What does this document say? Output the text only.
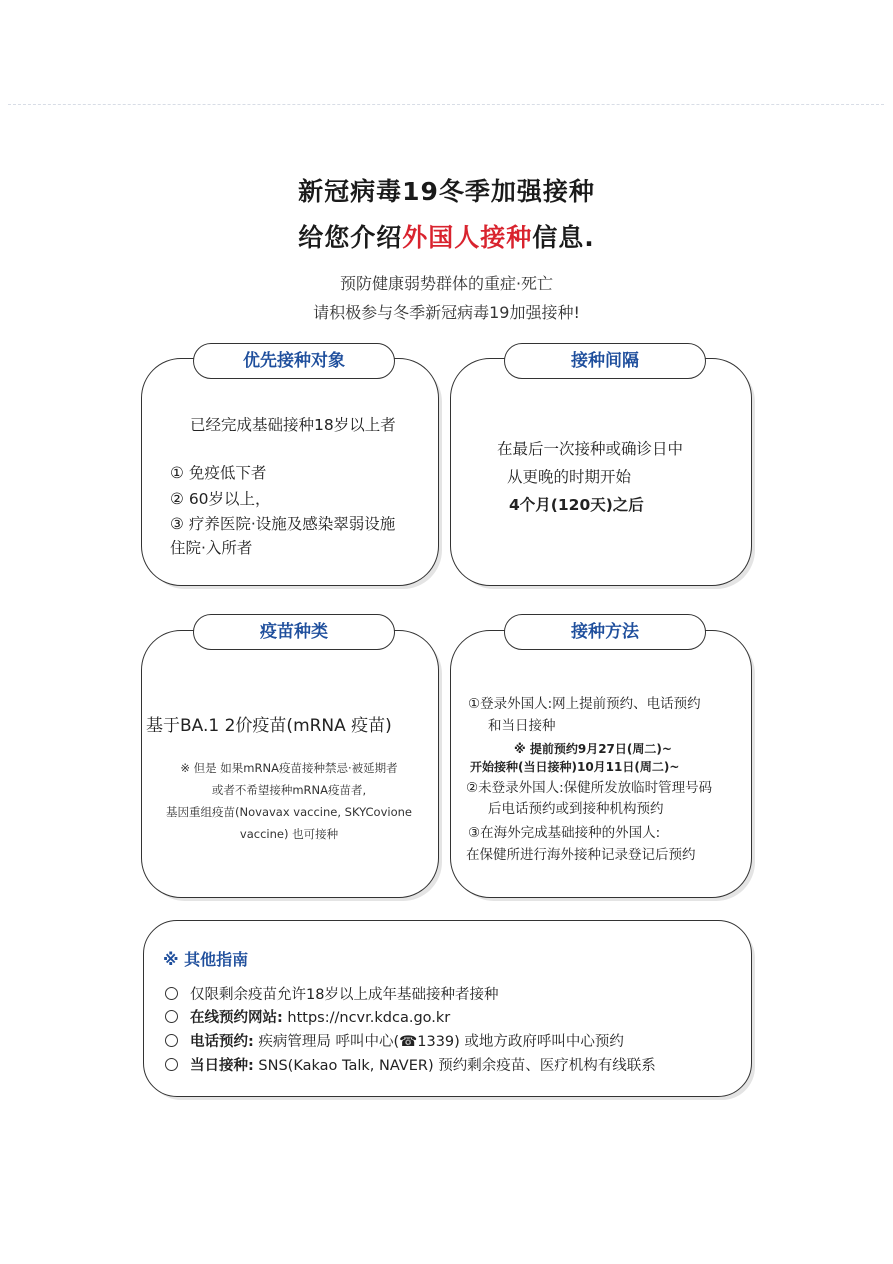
新冠病毒19冬季加强接种
给您介绍外国人接种信息.
预防健康弱势群体的重症·死亡
请积极参与冬季新冠病毒19加强接种!
优先接种对象
已经完成基础接种18岁以上者
① 免疫低下者
② 60岁以上，
③ 疗养医院·设施及感染翠弱设施
住院·入所者
接种间隔
在最后一次接种或确诊日中
从更晚的时期开始
4个月(120天)之后
疫苗种类
基于BA.1 2价疫苗(mRNA 疫苗)
※ 但是 如果mRNA疫苗接种禁忌·被延期者
或者不希望接种mRNA疫苗者,
基因重组疫苗(Novavax vaccine, SKYCovione
vaccine) 也可接种
接种方法
①登录外国人:网上提前预约、电话预约
和当日接种
※ 提前预约9月27日(周二)~
开始接种(当日接种)10月11日(周二)~
②未登录外国人:保健所发放临时管理号码
后电话预约或到接种机构预约
③在海外完成基础接种的外国人:
在保健所进行海外接种记录登记后预约
※ 其他指南
仅限剩余疫苗允许18岁以上成年基础接种者接种
在线预约网站: https://ncvr.kdca.go.kr
电话预约: 疾病管理局 呼叫中心(☎1339) 或地方政府呼叫中心预约
当日接种: SNS(Kakao Talk, NAVER) 预约剩余疫苗、医疗机构有线联系
